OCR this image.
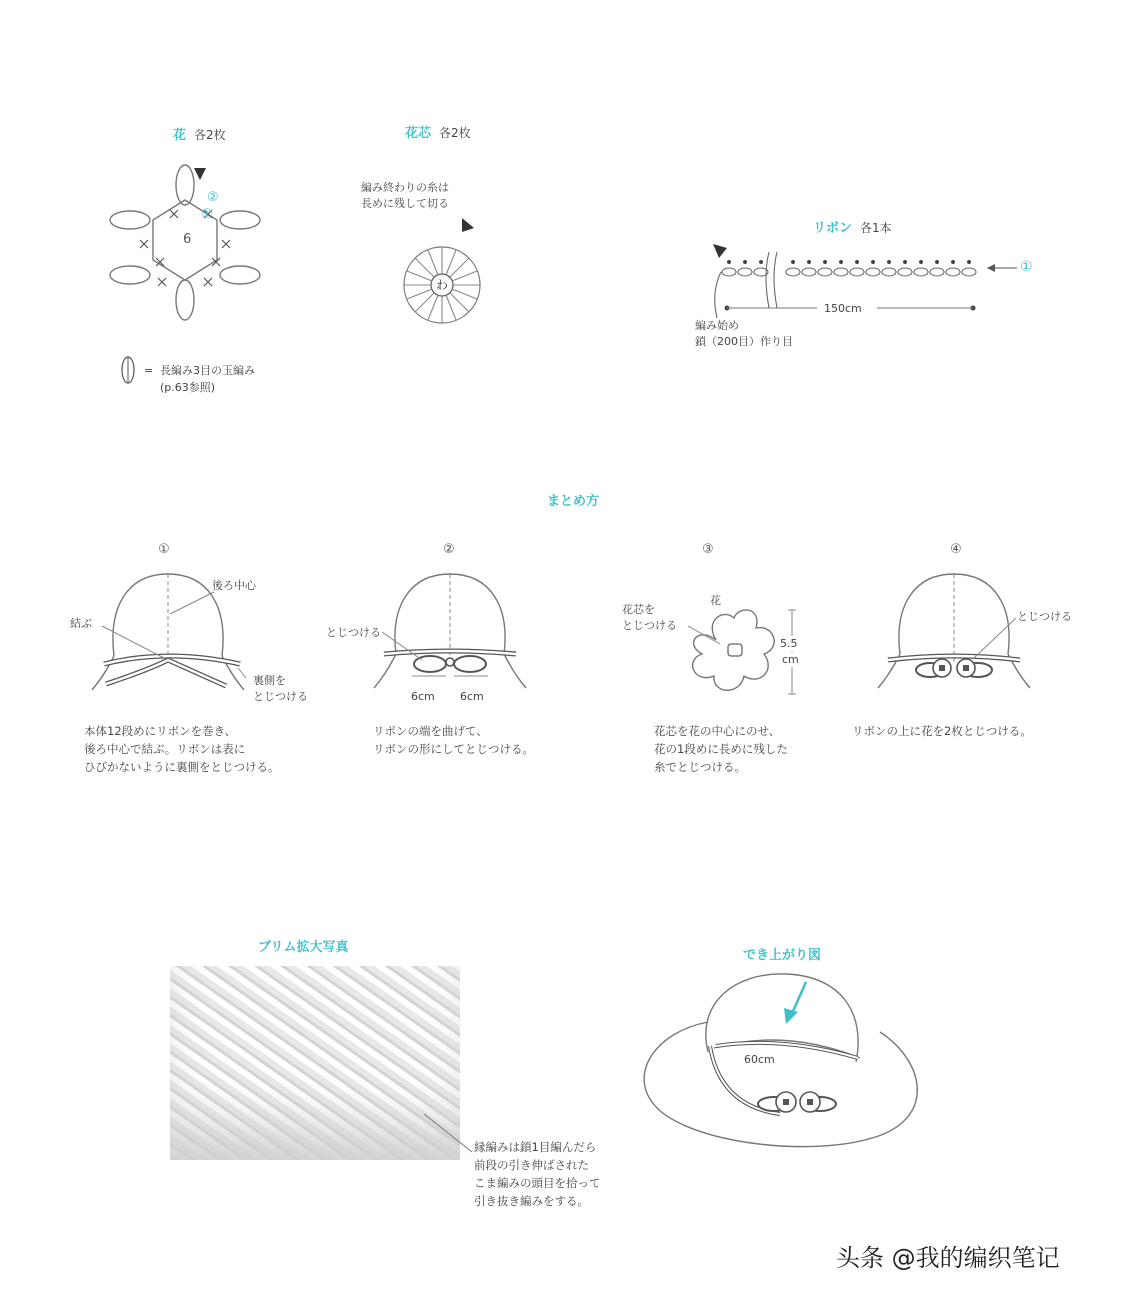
花 各2枚
6
②
①
= 長編み3目の玉編み
(p.63参照)
花芯 各2枚
編み終わりの糸は
長めに残して切る
わ
リボン 各1本
150cm
①
編み始め
鎖（200目）作り目
まとめ方
①
後ろ中心
結ぶ
裏側を
とじつける
本体12段めにリボンを巻き、
後ろ中心で結ぶ。リボンは表に
ひびかないように裏側をとじつける。
②
とじつける
6cm 6cm
リボンの端を曲げて、
リボンの形にしてとじつける。
③
花
花芯を
とじつける
5.5
cm
花芯を花の中心にのせ、
花の1段めに長めに残した
糸でとじつける。
④
とじつける
リボンの上に花を2枚とじつける。
ブリム拡大写真
縁編みは鎖1目編んだら
前段の引き伸ばされた
こま編みの頭目を拾って
引き抜き編みをする。
でき上がり図
60cm
头条 @我的编织笔记
